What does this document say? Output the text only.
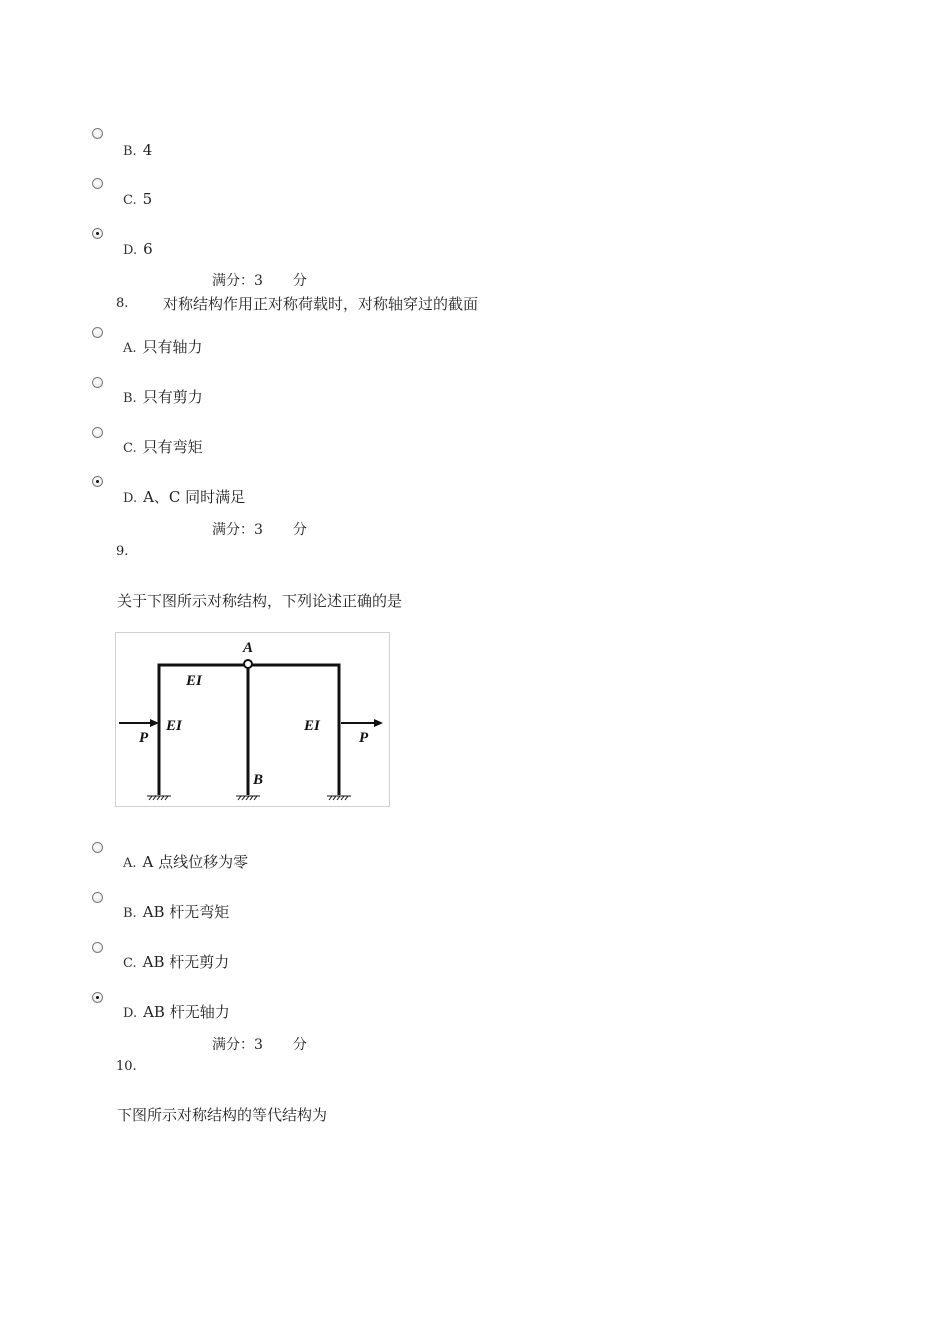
B. 4
C. 5
D. 6
满分：3 分
8. 对称结构作用正对称荷载时，对称轴穿过的截面
A. 只有轴力
B. 只有剪力
C. 只有弯矩
D. A、C 同时满足
满分：3 分
9.
关于下图所示对称结构，下列论述正确的是
A
B
EI
EI	EI
P	P
A. A 点线位移为零
B. AB 杆无弯矩
C. AB 杆无剪力
D. AB 杆无轴力
满分：3 分
10.
下图所示对称结构的等代结构为
